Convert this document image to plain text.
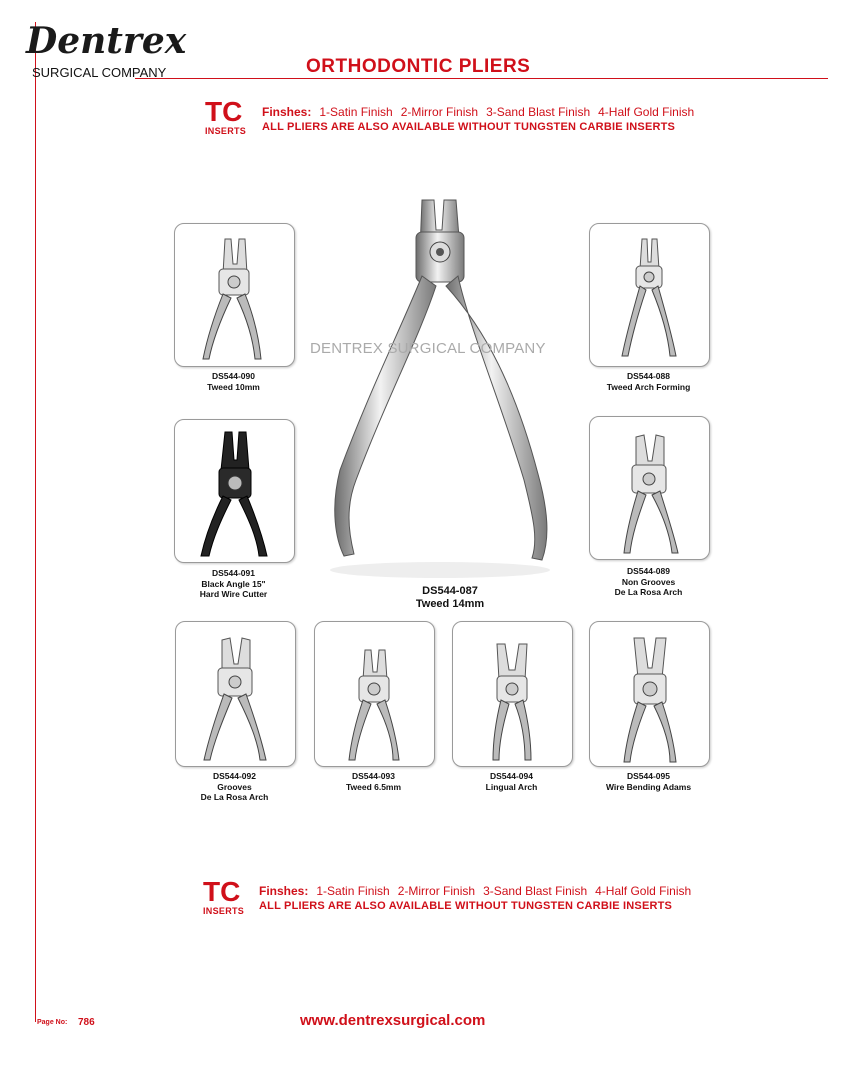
Dentrex
SURGICAL COMPANY	ORTHODONTIC PLIERS
TC
INSERTS
Finshes: 1-Satin Finish 2-Mirror Finish 3-Sand Blast Finish 4-Half Gold Finish
ALL PLIERS ARE ALSO AVAILABLE WITHOUT TUNGSTEN CARBIE INSERTS
DENTREX SURGICAL COMPANY
DS544-087
Tweed 14mm
DS544-090
Tweed 10mm
DS544-088
Tweed Arch Forming
DS544-091
Black Angle 15"
Hard Wire Cutter
DS544-089
Non Grooves
De La Rosa Arch
DS544-092
Grooves
De La Rosa Arch
DS544-093
Tweed 6.5mm
DS544-094
Lingual Arch
DS544-095
Wire Bending Adams
TC
INSERTS
Finshes: 1-Satin Finish 2-Mirror Finish 3-Sand Blast Finish 4-Half Gold Finish
ALL PLIERS ARE ALSO AVAILABLE WITHOUT TUNGSTEN CARBIE INSERTS
Page No: 786	www.dentrexsurgical.com
